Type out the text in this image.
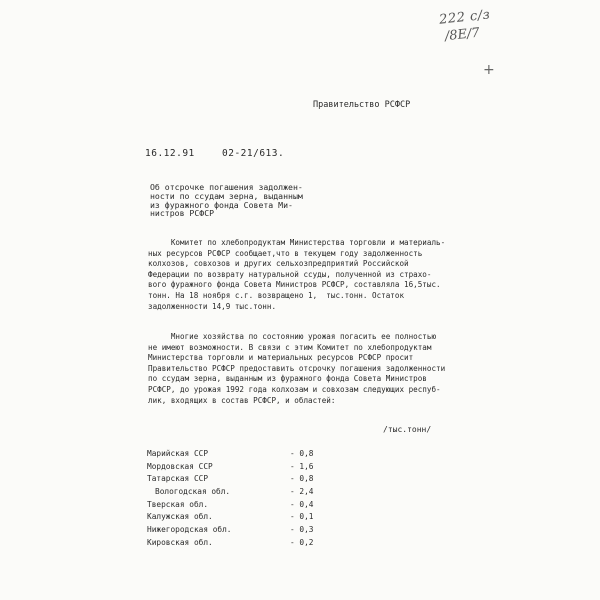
222 с/з
/8E/7
+
Правительство РСФСР
16.12.91	02-21/613.
Об отсрочке погашения задолжен-
ности по ссудам зерна, выданным
из фуражного фонда Совета Ми-
нистров РСФСР
Комитет по хлебопродуктам Министерства торговли и материаль-
ных ресурсов РСФСР сообщает,что в текущем году задолженность
колхозов, совхозов и других сельхозпредприятий Российской
Федерации по возврату натуральной ссуды, полученной из страхо-
вого фуражного фонда Совета Министров РСФСР, составляла 16,5тыс.
тонн. На 18 ноября с.г. возвращено 1,  тыс.тонн. Остаток
задолженности 14,9 тыс.тонн.
Многие хозяйства по состоянию урожая погасить ее полностью
не имеют возможности. В связи с этим Комитет по хлебопродуктам
Министерства торговли и материальных ресурсов РСФСР просит
Правительство РСФСР предоставить отсрочку погашения задолженности
по ссудам зерна, выданным из фуражного фонда Совета Министров
РСФСР, до урожая 1992 года колхозам и совхозам следующих респуб-
лик, входящих в состав РСФСР, и областей:
/тыс.тонн/
Марийская ССР	- 0,8
Мордовская ССР	- 1,6
Татарская ССР	- 0,8
Вологодская обл.	- 2,4
Тверская обл.	- 0,4
Калужская обл.	- 0,1
Нижегородская обл.	- 0,3
Кировская обл.	- 0,2
